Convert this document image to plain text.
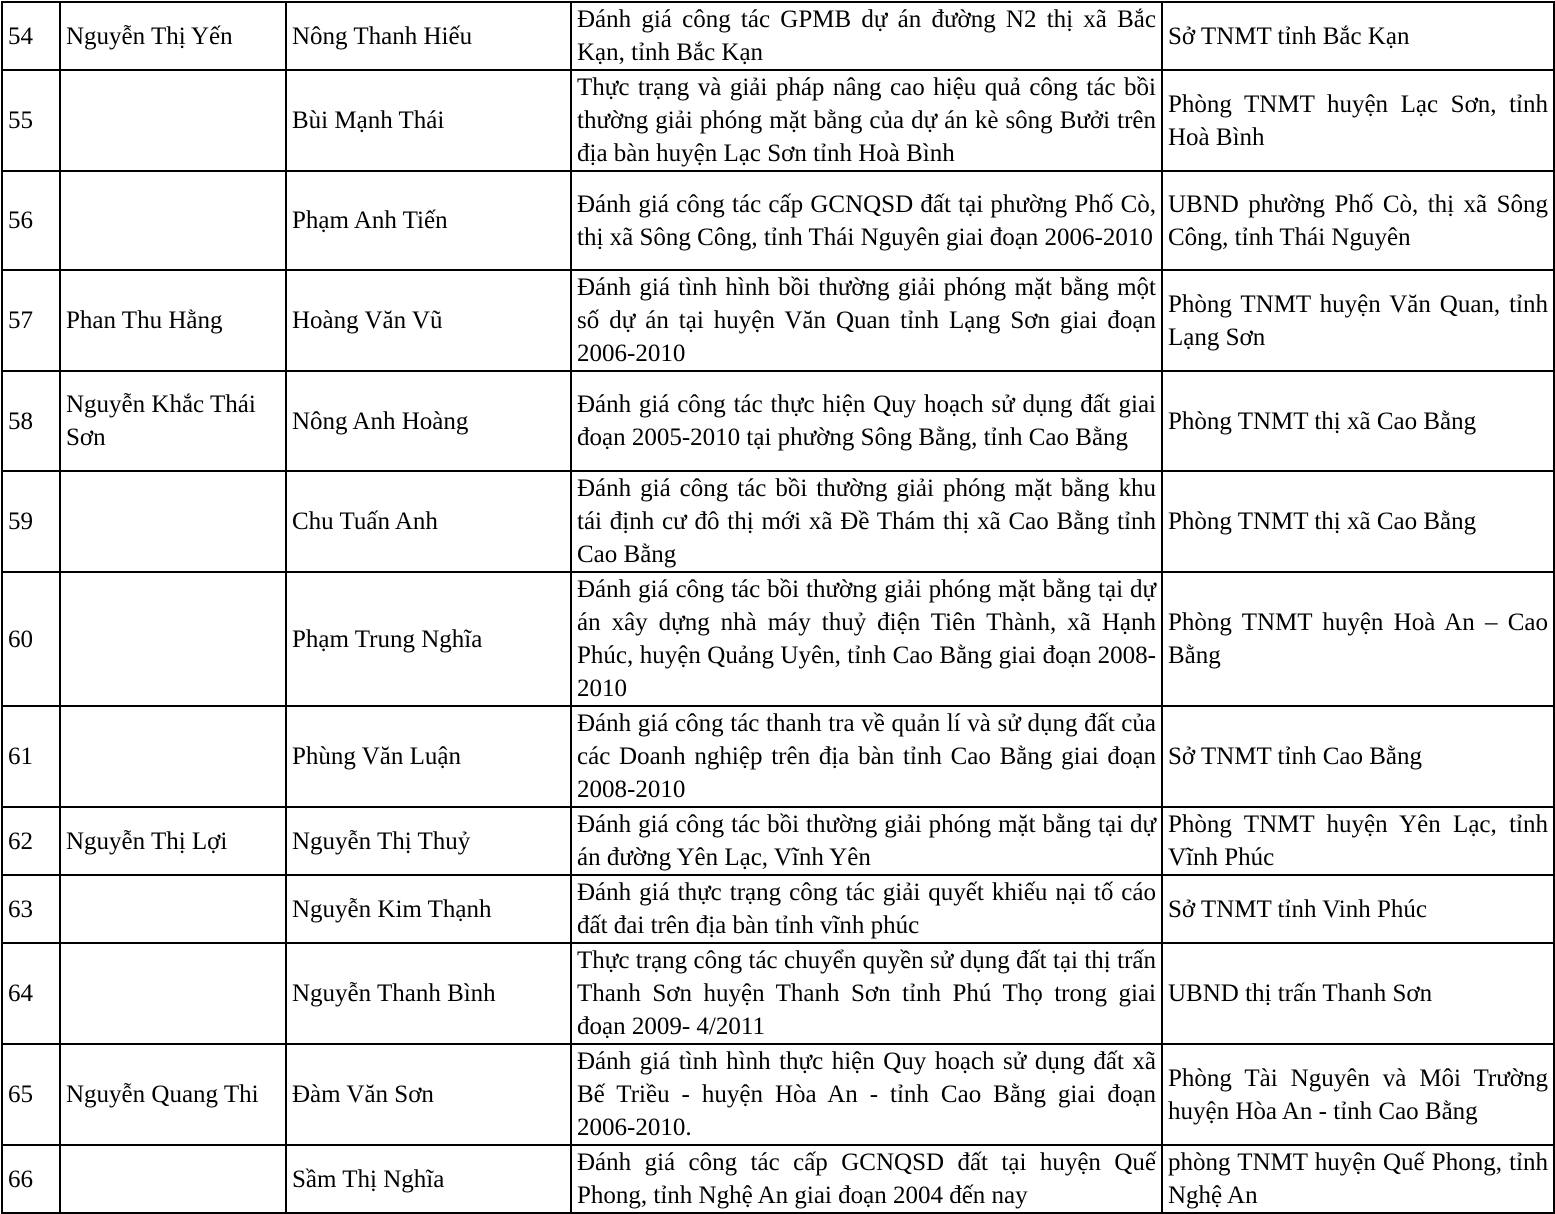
54	Nguyễn Thị Yến	Nông Thanh Hiếu	Đánh giá công tác GPMB dự án đường N2 thị xã Bắc Kạn, tỉnh Bắc Kạn	Sở TNMT tỉnh Bắc Kạn
55		Bùi Mạnh Thái	Thực trạng và giải pháp nâng cao hiệu quả công tác bồi thường giải phóng mặt bằng của dự án kè sông Bưởi trên địa bàn huyện Lạc Sơn tỉnh Hoà Bình	Phòng TNMT huyện Lạc Sơn, tỉnh Hoà Bình
56		Phạm Anh Tiến	Đánh giá công tác cấp GCNQSD đất tại phường Phố Cò, thị xã Sông Công, tỉnh Thái Nguyên giai đoạn 2006-2010	UBND phường Phố Cò, thị xã Sông Công, tỉnh Thái Nguyên
57	Phan Thu Hằng	Hoàng Văn Vũ	Đánh giá tình hình bồi thường giải phóng mặt bằng một số dự án tại huyện Văn Quan tỉnh Lạng Sơn giai đoạn 2006-2010	Phòng TNMT huyện Văn Quan, tỉnh Lạng Sơn
58	Nguyễn Khắc Thái Sơn	Nông Anh Hoàng	Đánh giá công tác thực hiện Quy hoạch sử dụng đất giai đoạn 2005-2010 tại phường Sông Bằng, tỉnh Cao Bằng	Phòng TNMT thị xã Cao Bằng
59		Chu Tuấn Anh	Đánh giá công tác bồi thường giải phóng mặt bằng khu tái định cư đô thị mới xã Đề Thám thị xã Cao Bằng tỉnh Cao Bằng	Phòng TNMT thị xã Cao Bằng
60		Phạm Trung Nghĩa	Đánh giá công tác bồi thường giải phóng mặt bằng tại dự án xây dựng nhà máy thuỷ điện Tiên Thành, xã Hạnh Phúc, huyện Quảng Uyên, tỉnh Cao Bằng giai đoạn 2008-2010	Phòng TNMT huyện Hoà An – Cao Bằng
61		Phùng Văn Luận	Đánh giá công tác thanh tra về quản lí và sử dụng đất của các Doanh nghiệp trên địa bàn tỉnh Cao Bằng giai đoạn 2008-2010	Sở TNMT tỉnh Cao Bằng
62	Nguyễn Thị Lợi	Nguyễn Thị Thuỷ	Đánh giá công tác bồi thường giải phóng mặt bằng tại dự án đường Yên Lạc, Vĩnh Yên	Phòng TNMT huyện Yên Lạc, tỉnh Vĩnh Phúc
63		Nguyễn Kim Thạnh	Đánh giá thực trạng công tác giải quyết khiếu nại tố cáo đất đai trên địa bàn tỉnh vĩnh phúc	Sở TNMT tỉnh Vinh Phúc
64		Nguyễn Thanh Bình	Thực trạng công tác chuyển quyền sử dụng đất tại thị trấn Thanh Sơn huyện Thanh Sơn tỉnh Phú Thọ trong giai đoạn 2009- 4/2011	UBND thị trấn Thanh Sơn
65	Nguyễn Quang Thi	Đàm Văn Sơn	Đánh giá tình hình thực hiện Quy hoạch sử dụng đất xã Bế Triều - huyện Hòa An - tỉnh Cao Bằng giai đoạn 2006-2010.	Phòng Tài Nguyên và Môi Trường huyện Hòa An - tỉnh Cao Bằng
66		Sầm Thị Nghĩa	Đánh giá công tác cấp GCNQSD đất tại huyện Quế Phong, tỉnh Nghệ An giai đoạn 2004 đến nay	phòng TNMT huyện Quế Phong, tỉnh Nghệ An
